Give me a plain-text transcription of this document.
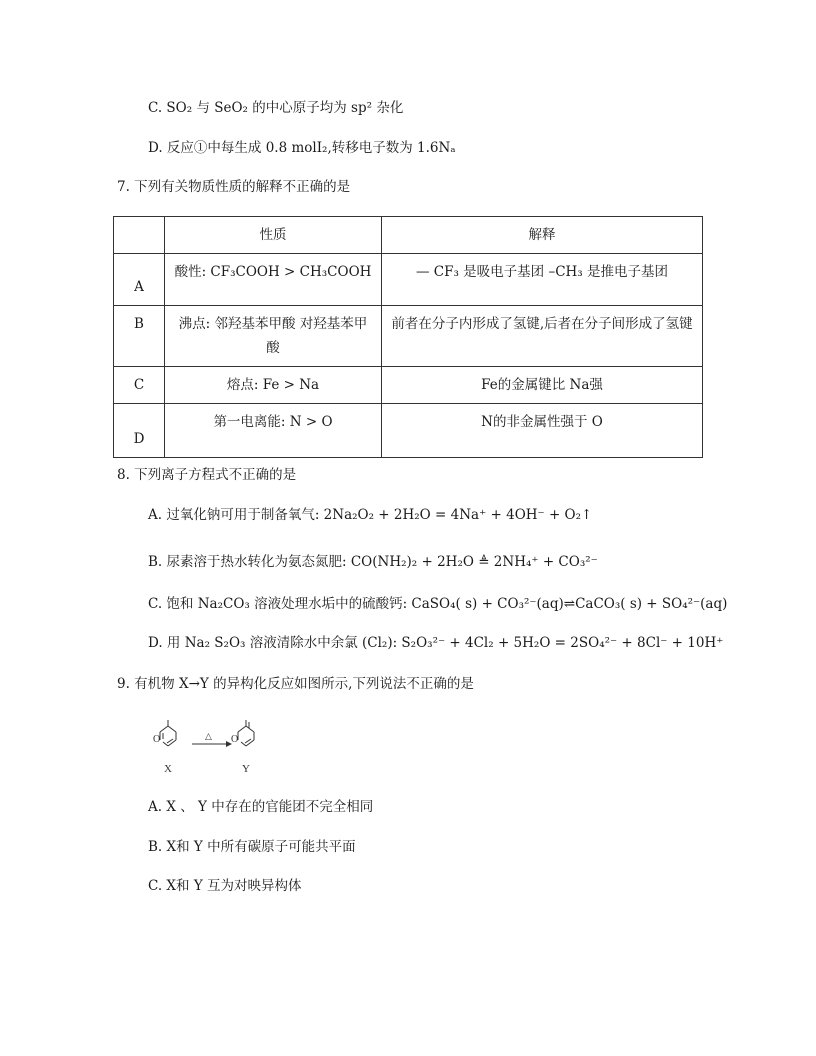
C. SO₂ 与 SeO₂ 的中心原子均为 sp² 杂化
D. 反应①中每生成 0.8 molI₂,转移电子数为 1.6Nₐ
7. 下列有关物质性质的解释不正确的是
	性质	解释
A	酸性: CF₃COOH > CH₃COOH	— CF₃ 是吸电子基团 –CH₃ 是推电子基团
B	沸点: 邻羟基苯甲酸 对羟基苯甲酸	前者在分子内形成了氢键,后者在分子间形成了氢键
C	熔点: Fe > Na	Fe的金属键比 Na强
D	第一电离能: N > O	N的非金属性强于 O
8. 下列离子方程式不正确的是
A. 过氧化钠可用于制备氧气: 2Na₂O₂ + 2H₂O = 4Na⁺ + 4OH⁻ + O₂↑
B. 尿素溶于热水转化为氨态氮肥: CO(NH₂)₂ + 2H₂O ≜ 2NH₄⁺ + CO₃²⁻
C. 饱和 Na₂CO₃ 溶液处理水垢中的硫酸钙: CaSO₄( s) + CO₃²⁻(aq)⇌CaCO₃( s) + SO₄²⁻(aq)
D. 用 Na₂ S₂O₃ 溶液清除水中余氯 (Cl₂): S₂O₃²⁻ + 4Cl₂ + 5H₂O = 2SO₄²⁻ + 8Cl⁻ + 10H⁺
9. 有机物 X→Y 的异构化反应如图所示,下列说法不正确的是
O
X
△ O
Y
A. X 、 Y 中存在的官能团不完全相同
B. X和 Y 中所有碳原子可能共平面
C. X和 Y 互为对映异构体
